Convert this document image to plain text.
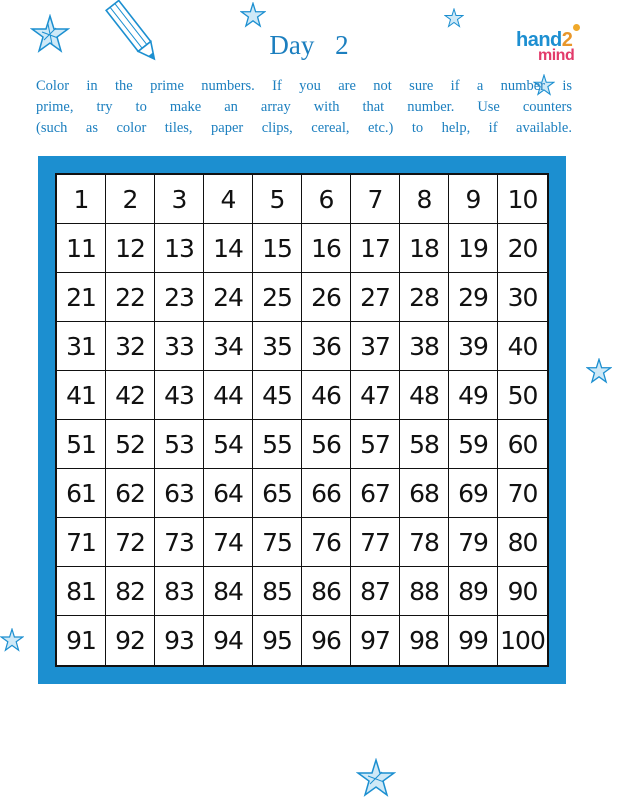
Day 2	hand2
mind
Color in the prime numbers. If you are not sure if a number is
prime, try to make an array with that number. Use counters
(such as color tiles, paper clips, cereal, etc.) to help, if available.
1	2	3	4	5	6	7	8	9	10
11 12 13 14 15 16 17 18 19 20
21 22 23 24 25 26 27 28 29 30
31 32 33 34 35 36 37 38 39 40
41 42 43 44 45 46 47 48 49 50
51 52 53 54 55 56 57 58 59 60
61 62 63 64 65 66 67 68 69 70
71 72 73 74 75 76 77 78 79 80
81 82 83 84 85 86 87 88 89 90
91 92 93 94 95 96 97 98 99 100
